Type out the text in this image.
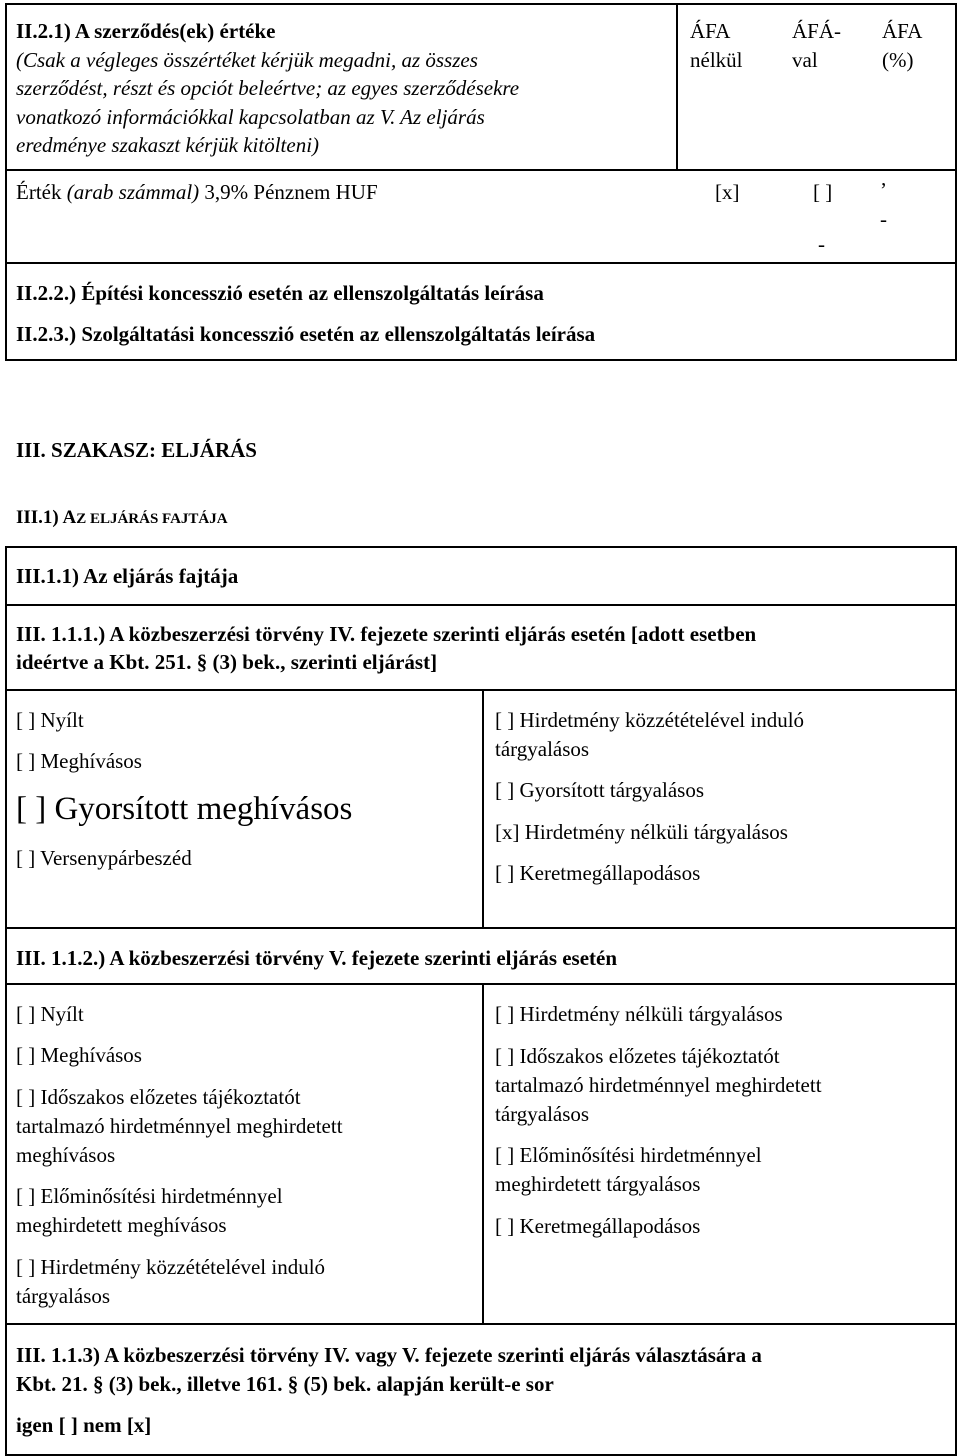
II.2.1) A szerződés(ek) értéke
(Csak a végleges összértéket kérjük megadni, az összes
szerződést, részt és opciót beleértve; az egyes szerződésekre
vonatkozó információkkal kapcsolatban az V. Az eljárás
eredménye szakaszt kérjük kitölteni)
ÁFA
nélkül
ÁFÁ-
val
ÁFA
(%)
Érték (arab számmal) 3,9% Pénznem HUF	[x]	[ ]
-
’
-
II.2.2.) Építési koncesszió esetén az ellenszolgáltatás leírása
II.2.3.) Szolgáltatási koncesszió esetén az ellenszolgáltatás leírása
III. SZAKASZ: ELJÁRÁS
III.1) AZ ELJÁRÁS FAJTÁJA
III.1.1) Az eljárás fajtája
III. 1.1.1.) A közbeszerzési törvény IV. fejezete szerinti eljárás esetén [adott esetben
ideértve a Kbt. 251. § (3) bek., szerinti eljárást]
[ ] Nyílt
[ ] Meghívásos
[ ] Gyorsított meghívásos
[ ] Versenypárbeszéd
[ ] Hirdetmény közzétételével induló
tárgyalásos
[ ] Gyorsított tárgyalásos
[x] Hirdetmény nélküli tárgyalásos
[ ] Keretmegállapodásos
III. 1.1.2.) A közbeszerzési törvény V. fejezete szerinti eljárás esetén
[ ] Nyílt
[ ] Meghívásos
[ ] Időszakos előzetes tájékoztatót
tartalmazó hirdetménnyel meghirdetett
meghívásos
[ ] Előminősítési hirdetménnyel
meghirdetett meghívásos
[ ] Hirdetmény közzétételével induló
tárgyalásos
[ ] Hirdetmény nélküli tárgyalásos
[ ] Időszakos előzetes tájékoztatót
tartalmazó hirdetménnyel meghirdetett
tárgyalásos
[ ] Előminősítési hirdetménnyel
meghirdetett tárgyalásos
[ ] Keretmegállapodásos
III. 1.1.3) A közbeszerzési törvény IV. vagy V. fejezete szerinti eljárás választására a
Kbt. 21. § (3) bek., illetve 161. § (5) bek. alapján került-e sor
igen [ ] nem [x]
